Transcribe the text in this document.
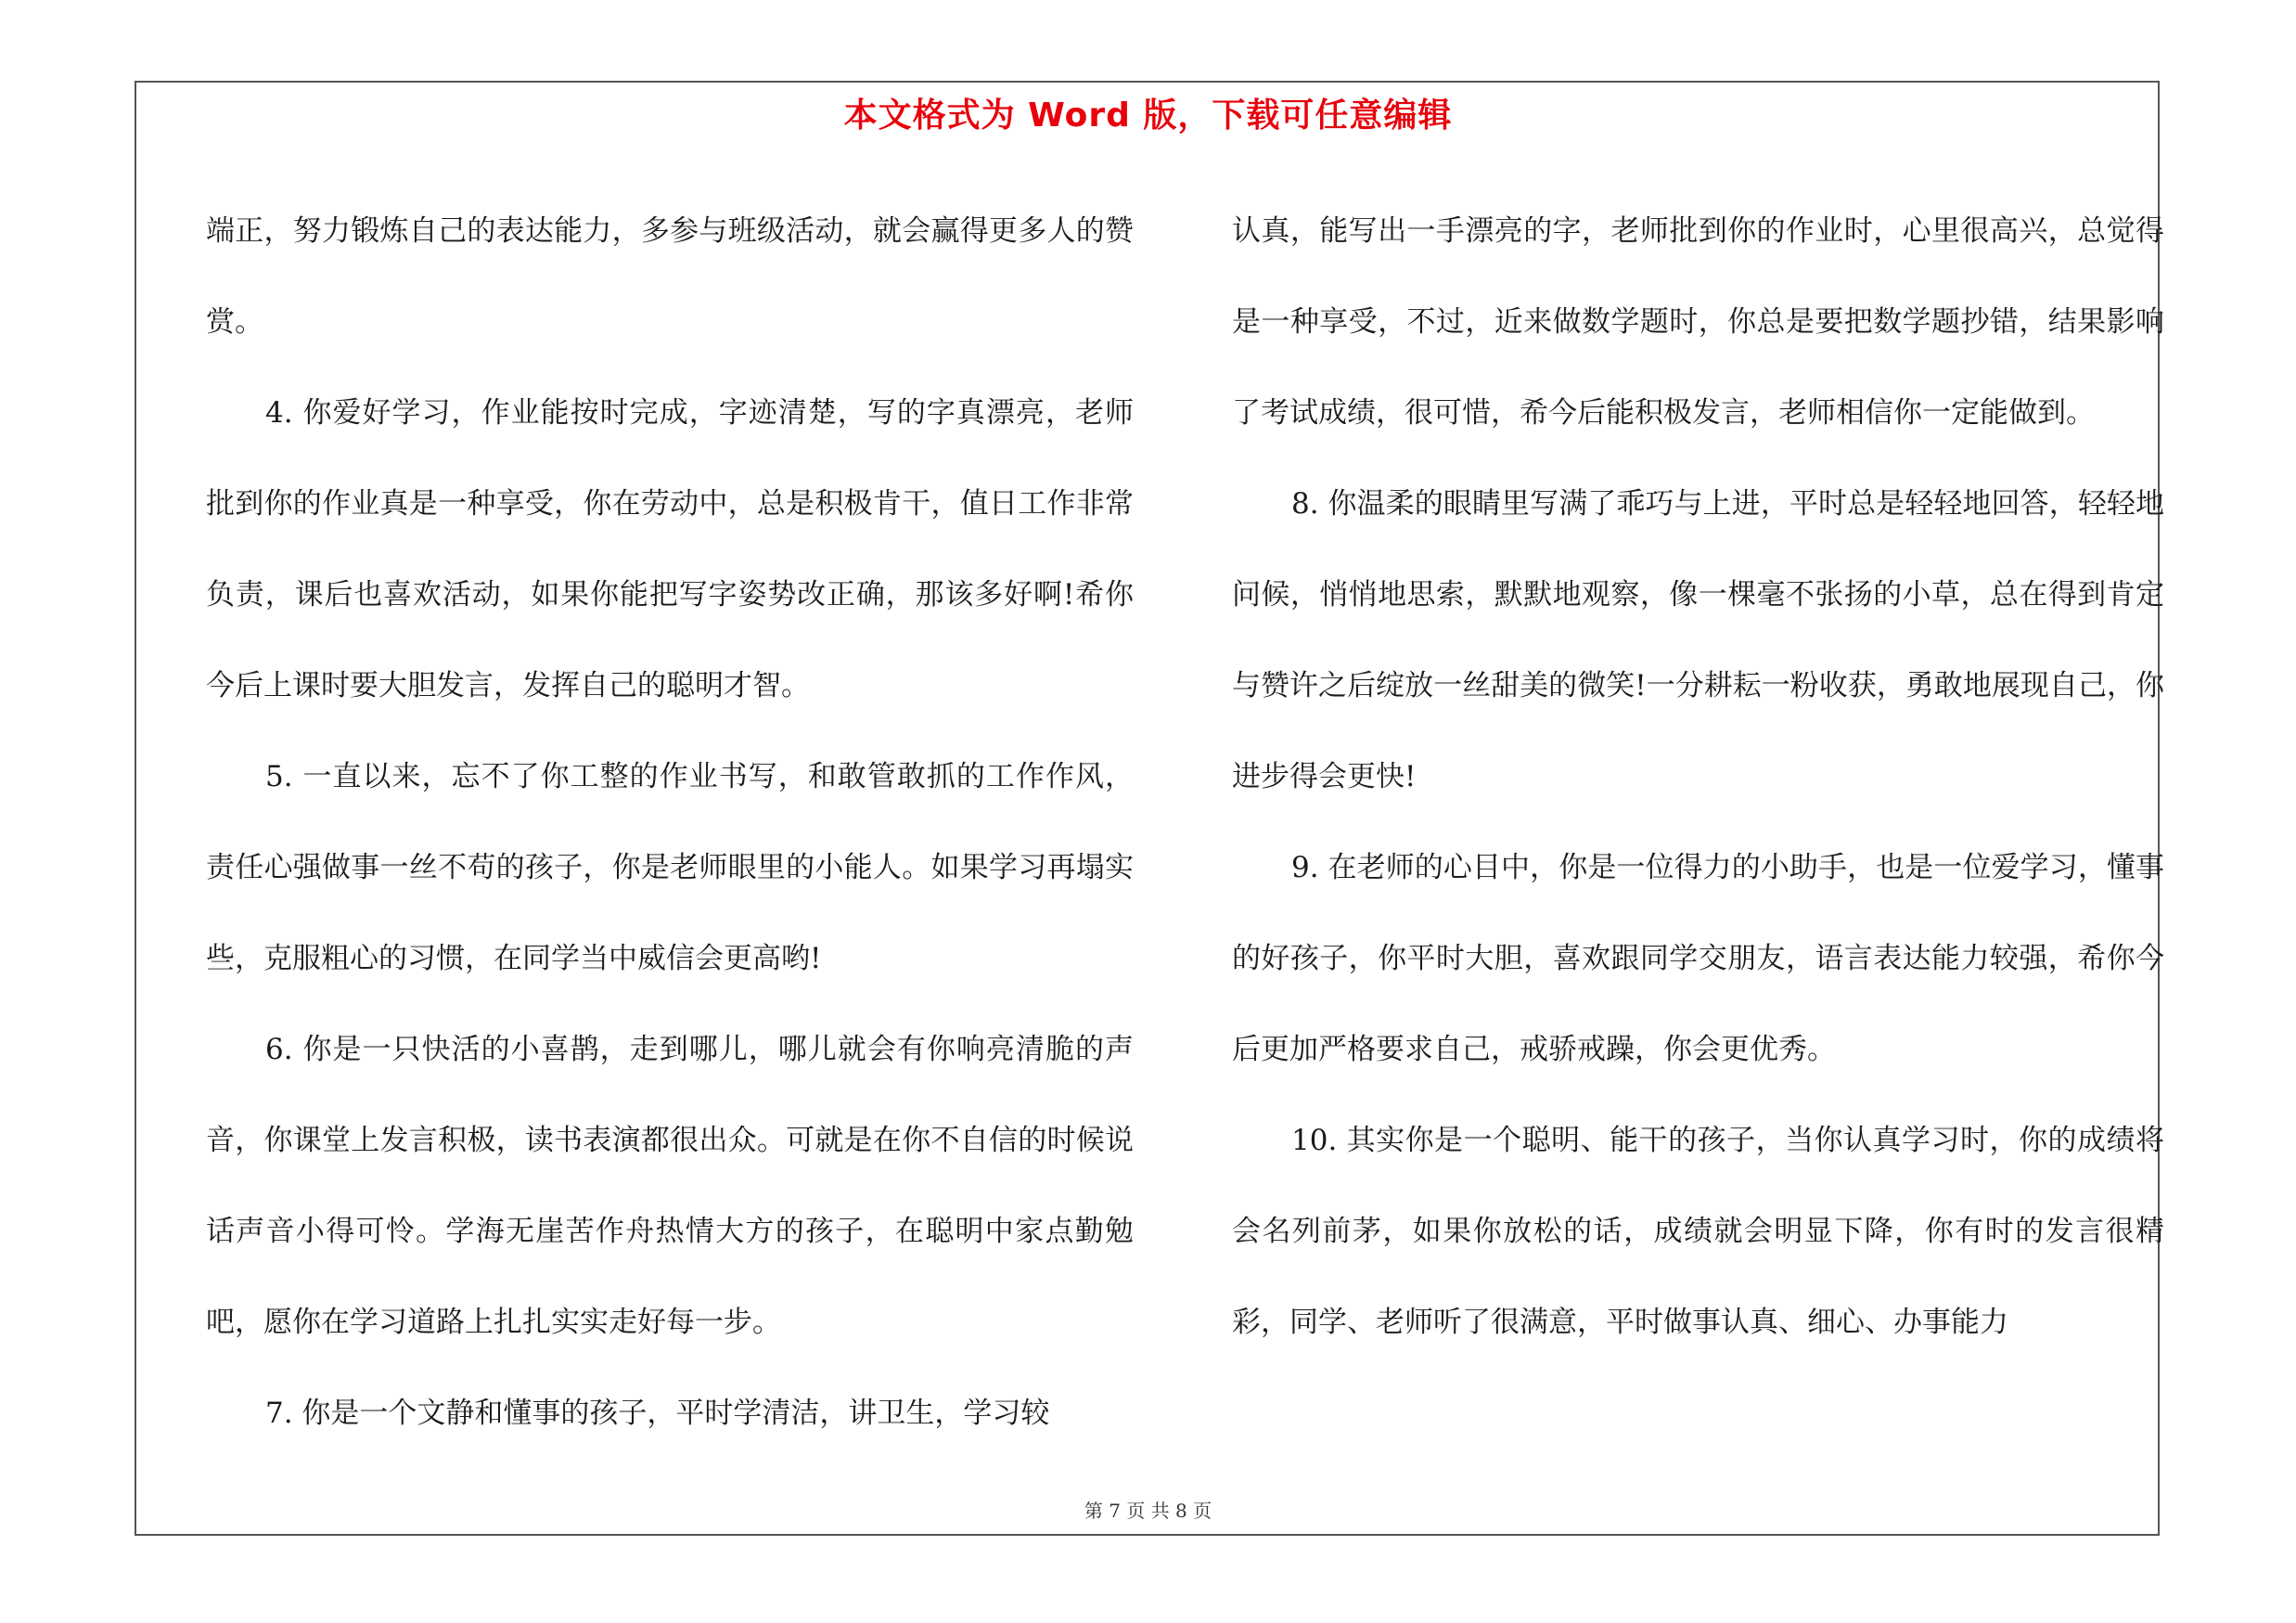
本文格式为 Word 版，下载可任意编辑

端正，努力锻炼自己的表达能力，多参与班级活动，就会赢得更多人的赞赏。

4. 你爱好学习，作业能按时完成，字迹清楚，写的字真漂亮，老师批到你的作业真是一种享受，你在劳动中，总是积极肯干，值日工作非常负责，课后也喜欢活动，如果你能把写字姿势改正确，那该多好啊!希你今后上课时要大胆发言，发挥自己的聪明才智。

5. 一直以来，忘不了你工整的作业书写，和敢管敢抓的工作作风，责任心强做事一丝不苟的孩子，你是老师眼里的小能人。如果学习再塌实些，克服粗心的习惯，在同学当中威信会更高哟!

6. 你是一只快活的小喜鹊，走到哪儿，哪儿就会有你响亮清脆的声音，你课堂上发言积极，读书表演都很出众。可就是在你不自信的时候说话声音小得可怜。学海无崖苦作舟热情大方的孩子，在聪明中家点勤勉吧，愿你在学习道路上扎扎实实走好每一步。

7. 你是一个文静和懂事的孩子，平时学清洁，讲卫生，学习较

认真，能写出一手漂亮的字，老师批到你的作业时，心里很高兴，总觉得是一种享受，不过，近来做数学题时，你总是要把数学题抄错，结果影响了考试成绩，很可惜，希今后能积极发言，老师相信你一定能做到。

8. 你温柔的眼睛里写满了乖巧与上进，平时总是轻轻地回答，轻轻地问候，悄悄地思索，默默地观察，像一棵毫不张扬的小草，总在得到肯定与赞许之后绽放一丝甜美的微笑!一分耕耘一粉收获，勇敢地展现自己，你进步得会更快!

9. 在老师的心目中，你是一位得力的小助手，也是一位爱学习，懂事的好孩子，你平时大胆，喜欢跟同学交朋友，语言表达能力较强，希你今后更加严格要求自己，戒骄戒躁，你会更优秀。

10. 其实你是一个聪明、能干的孩子，当你认真学习时，你的成绩将会名列前茅，如果你放松的话，成绩就会明显下降，你有时的发言很精彩，同学、老师听了很满意，平时做事认真、细心、办事能力

第 7 页 共 8 页
